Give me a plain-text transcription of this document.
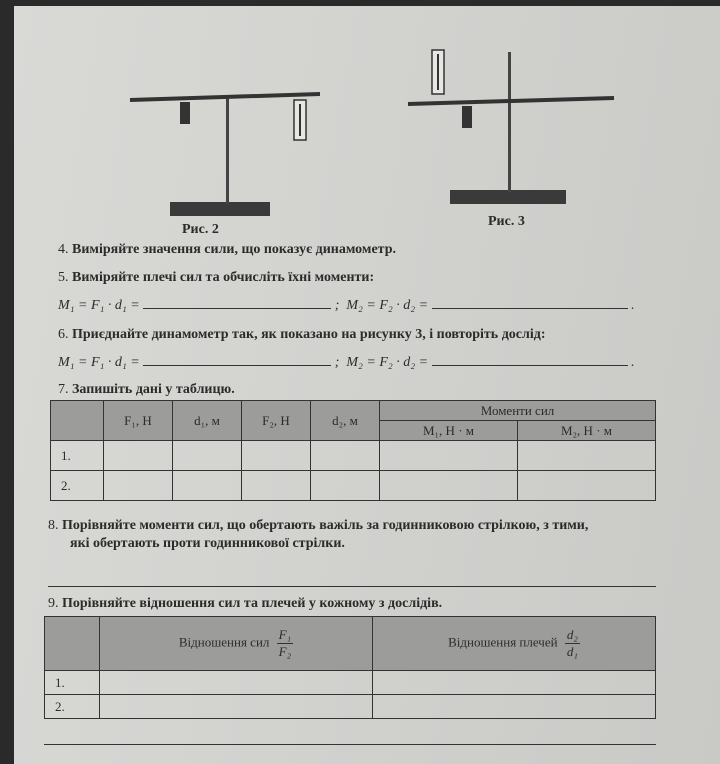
Рис. 2
Рис. 3
4. Виміряйте значення сили, що показує динамометр.
5. Виміряйте плечі сил та обчисліть їхні моменти:
M₁ = F₁ · d₁ =	; M₂ = F₂ · d₂ =	.
6. Приєднайте динамометр так, як показано на рисунку 3, і повторіть дослід:
M₁ = F₁ · d₁ =	; M₂ = F₂ · d₂ =	.
7. Запишіть дані у таблицю.
	F₁, Н	d₁, м	F₂, Н	d₂, м	Моменти сил	
					M₁, Н · м	M₂, Н · м
1.						
2.						
8. Порівняйте моменти сил, що обертають важіль за годинниковою стрілкою, з тими,
які обертають проти годинникової стрілки.
9. Порівняйте відношення сил та плечей у кожному з дослідів.
	Відношення сил $\frac{\text{F₁}}{\text{F₂}}$	Відношення плечей $\frac{\text{d₂}}{\text{d₁}}$

1.		
2.		
